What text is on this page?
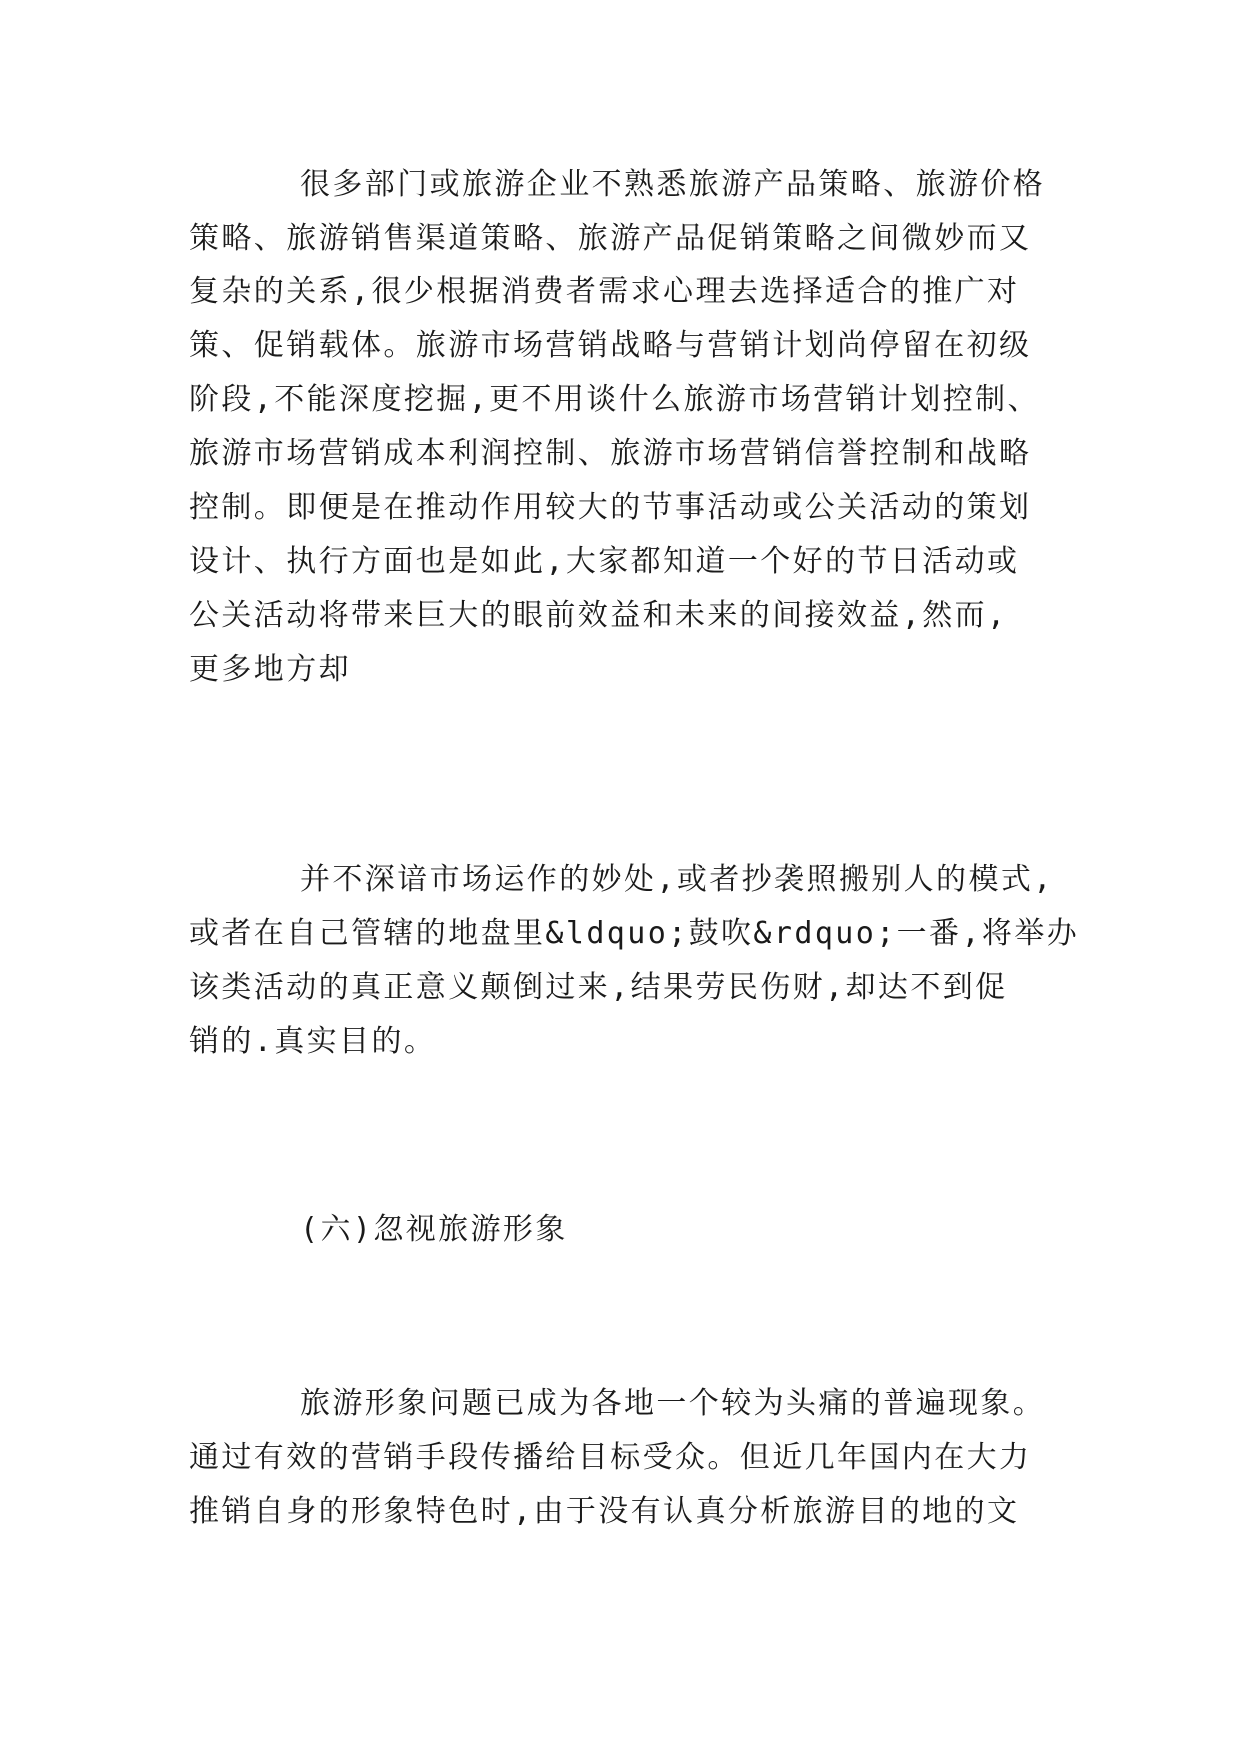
很多部门或旅游企业不熟悉旅游产品策略、旅游价格

策略、旅游销售渠道策略、旅游产品促销策略之间微妙而又

复杂的关系,很少根据消费者需求心理去选择适合的推广对

策、促销载体。旅游市场营销战略与营销计划尚停留在初级

阶段,不能深度挖掘,更不用谈什么旅游市场营销计划控制、

旅游市场营销成本利润控制、旅游市场营销信誉控制和战略

控制。即便是在推动作用较大的节事活动或公关活动的策划

设计、执行方面也是如此,大家都知道一个好的节日活动或

公关活动将带来巨大的眼前效益和未来的间接效益,然而,

更多地方却

并不深谙市场运作的妙处,或者抄袭照搬别人的模式,

或者在自己管辖的地盘里&ldquo;鼓吹&rdquo;一番,将举办

该类活动的真正意义颠倒过来,结果劳民伤财,却达不到促

销的.真实目的。

(六)忽视旅游形象

旅游形象问题已成为各地一个较为头痛的普遍现象。

通过有效的营销手段传播给目标受众。但近几年国内在大力

推销自身的形象特色时,由于没有认真分析旅游目的地的文
